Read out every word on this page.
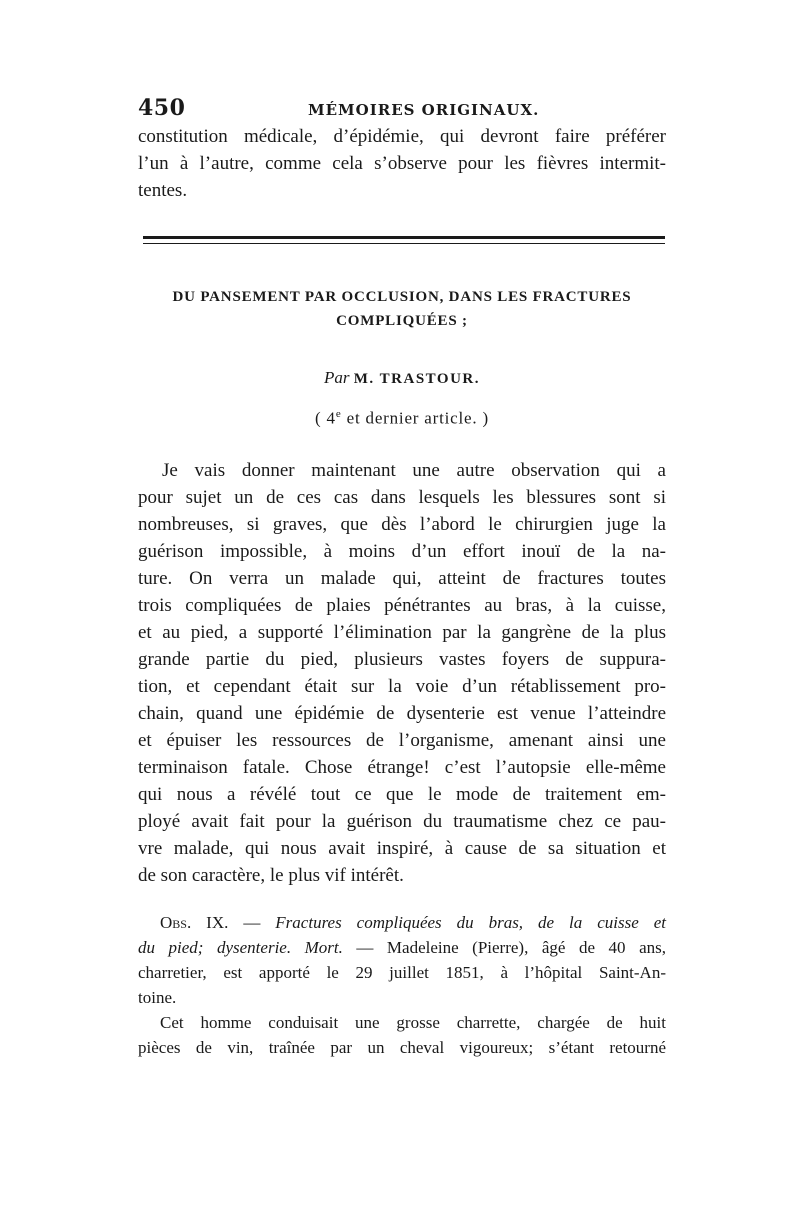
450	MÉMOIRES ORIGINAUX.
constitution médicale, d’épidémie, qui devront faire préférer
l’un à l’autre, comme cela s’observe pour les fièvres intermit-
tentes.
DU PANSEMENT PAR OCCLUSION, DANS LES FRACTURES
COMPLIQUÉES ;
Par M. TRASTOUR.
( 4e et dernier article. )
Je vais donner maintenant une autre observation qui a
pour sujet un de ces cas dans lesquels les blessures sont si
nombreuses, si graves, que dès l’abord le chirurgien juge la
guérison impossible, à moins d’un effort inouï de la na-
ture. On verra un malade qui, atteint de fractures toutes
trois compliquées de plaies pénétrantes au bras, à la cuisse,
et au pied, a supporté l’élimination par la gangrène de la plus
grande partie du pied, plusieurs vastes foyers de suppura-
tion, et cependant était sur la voie d’un rétablissement pro-
chain, quand une épidémie de dysenterie est venue l’atteindre
et épuiser les ressources de l’organisme, amenant ainsi une
terminaison fatale. Chose étrange! c’est l’autopsie elle-même
qui nous a révélé tout ce que le mode de traitement em-
ployé avait fait pour la guérison du traumatisme chez ce pau-
vre malade, qui nous avait inspiré, à cause de sa situation et
de son caractère, le plus vif intérêt.
Obs. IX. — Fractures compliquées du bras, de la cuisse et
du pied; dysenterie. Mort. — Madeleine (Pierre), âgé de 40 ans,
charretier, est apporté le 29 juillet 1851, à l’hôpital Saint-An-
toine.
Cet homme conduisait une grosse charrette, chargée de huit
pièces de vin, traînée par un cheval vigoureux; s’étant retourné
